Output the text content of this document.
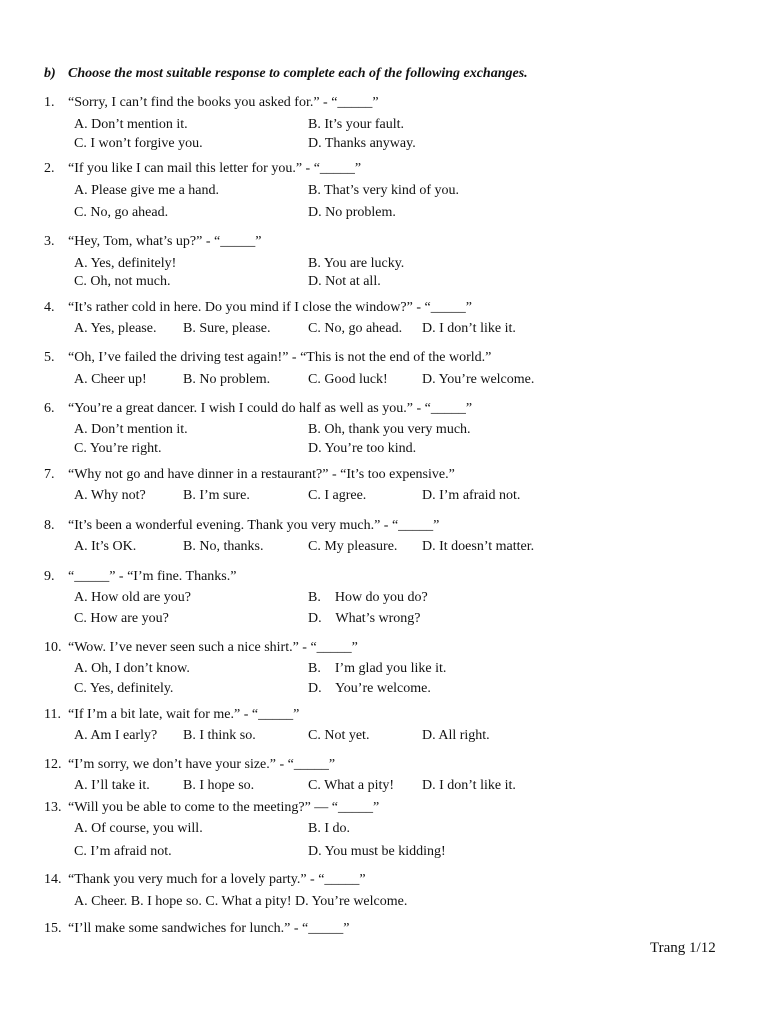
b) Choose the most suitable response to complete each of the following exchanges.
1. “Sorry, I can’t find the books you asked for.” - “_____”
A. Don’t mention it.	B. It’s your fault.
C. I won’t forgive you.	D. Thanks anyway.
2. “If you like I can mail this letter for you.” - “_____”
A. Please give me a hand.	B. That’s very kind of you.
C. No, go ahead.	D. No problem.
3. “Hey, Tom, what’s up?” - “_____”
A. Yes, definitely!	B. You are lucky.
C. Oh, not much.	D. Not at all.
4. “It’s rather cold in here. Do you mind if I close the window?” - “_____”
A. Yes, please. B. Sure, please.	C. No, go ahead. D. I don’t like it.
5. “Oh, I’ve failed the driving test again!” - “This is not the end of the world.”
A. Cheer up!	B. No problem.	C. Good luck! D. You’re welcome.
6. “You’re a great dancer. I wish I could do half as well as you.” - “_____”
A. Don’t mention it.	B. Oh, thank you very much.
C. You’re right.	D. You’re too kind.
7. “Why not go and have dinner in a restaurant?” - “It’s too expensive.”
A. Why not?	B. I’m sure.	C. I agree.	D. I’m afraid not.
8. “It’s been a wonderful evening. Thank you very much.” - “_____”
A. It’s OK.	B. No, thanks.	C. My pleasure. D. It doesn’t matter.
9. “_____” - “I’m fine. Thanks.”
A. How old are you?	B.    How do you do?
C. How are you?	D.    What’s wrong?
10. “Wow. I’ve never seen such a nice shirt.” - “_____”
A. Oh, I don’t know.	B.    I’m glad you like it.
C. Yes, definitely.	D.    You’re welcome.
11. “If I’m a bit late, wait for me.” - “_____”
A. Am I early? B. I think so.	C. Not yet.	D. All right.
12. “I’m sorry, we don’t have your size.” - “_____”
A. I’ll take it. B. I hope so.	C. What a pity! D. I don’t like it.
13. “Will you be able to come to the meeting?” — “_____”
A. Of course, you will.	B. I do.
C. I’m afraid not.	D. You must be kidding!
14. “Thank you very much for a lovely party.” - “_____”
A. Cheer. B. I hope so. C. What a pity! D. You’re welcome.
15. “I’ll make some sandwiches for lunch.” - “_____”
Trang 1/12
